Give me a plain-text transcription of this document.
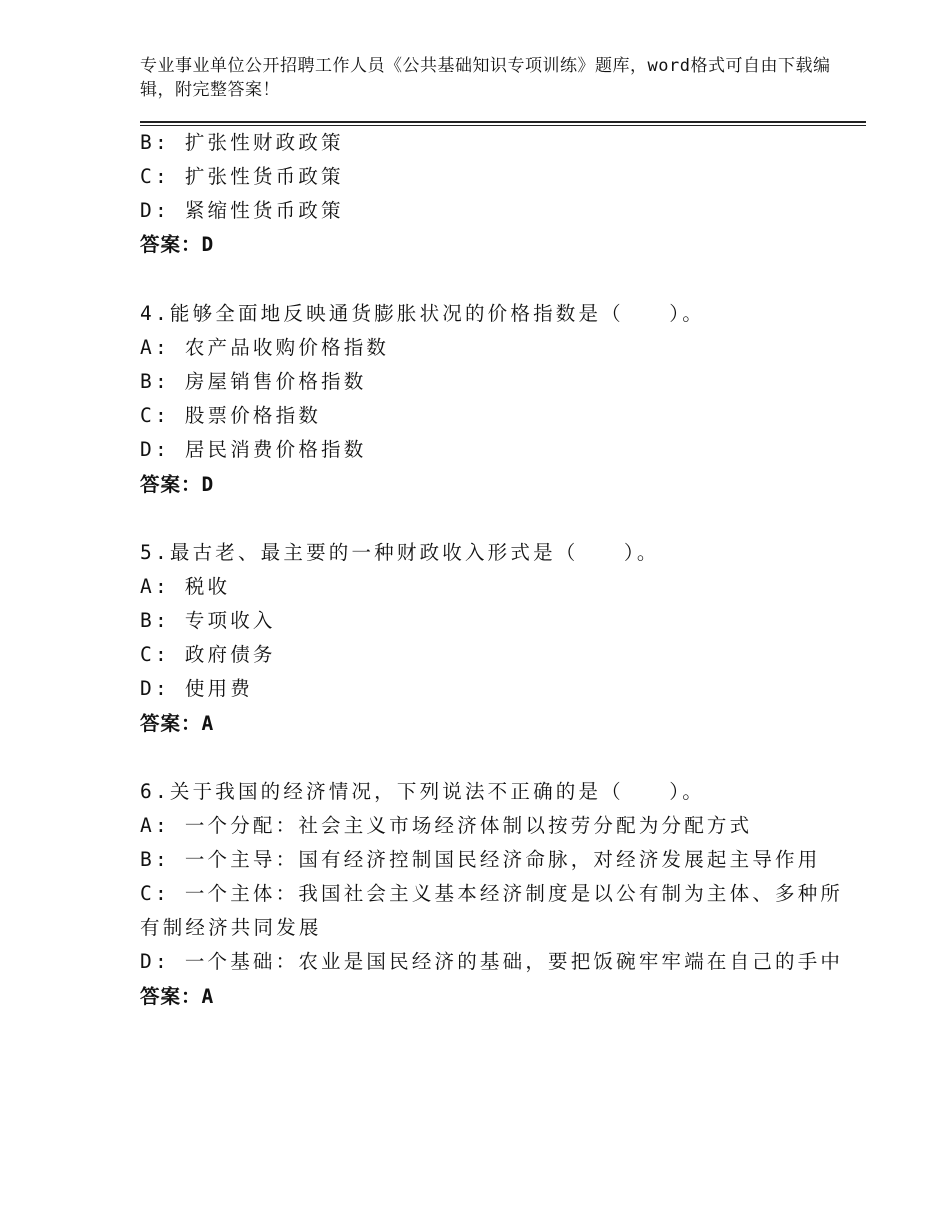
专业事业单位公开招聘工作人员《公共基础知识专项训练》题库，word格式可自由下载编辑，附完整答案！
B: 扩张性财政政策
C: 扩张性货币政策
D: 紧缩性货币政策
答案：D
4.能够全面地反映通货膨胀状况的价格指数是（　　）。
A: 农产品收购价格指数
B: 房屋销售价格指数
C: 股票价格指数
D: 居民消费价格指数
答案：D
5.最古老、最主要的一种财政收入形式是（　　）。
A: 税收
B: 专项收入
C: 政府债务
D: 使用费
答案：A
6.关于我国的经济情况，下列说法不正确的是（　　）。
A: 一个分配：社会主义市场经济体制以按劳分配为分配方式
B: 一个主导：国有经济控制国民经济命脉，对经济发展起主导作用
C: 一个主体：我国社会主义基本经济制度是以公有制为主体、多种所
有制经济共同发展
D: 一个基础：农业是国民经济的基础，要把饭碗牢牢端在自己的手中
答案：A
